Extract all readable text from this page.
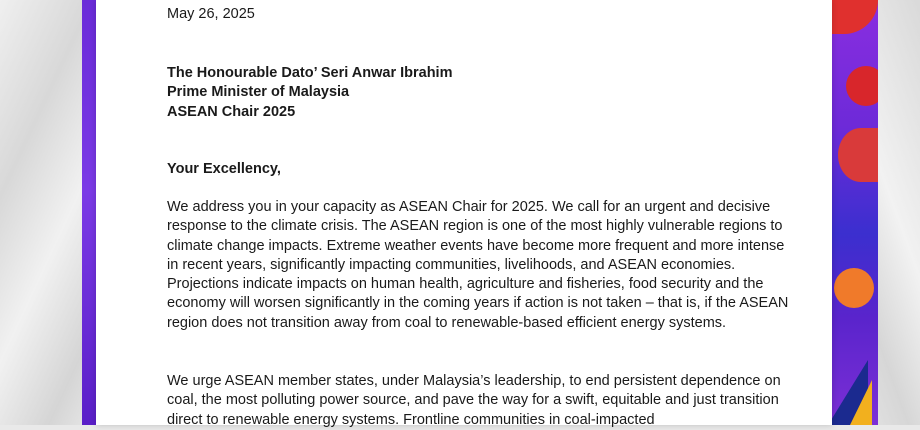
May 26, 2025
The Honourable Dato’ Seri Anwar Ibrahim
Prime Minister of Malaysia
ASEAN Chair 2025
Your Excellency,
We address you in your capacity as ASEAN Chair for 2025. We call for an urgent and decisive response to the climate crisis. The ASEAN region is one of the most highly vulnerable regions to climate change impacts. Extreme weather events have become more frequent and more intense in recent years, significantly impacting communities, livelihoods, and ASEAN economies. Projections indicate impacts on human health, agriculture and fisheries, food security and the economy will worsen significantly in the coming years if action is not taken – that is, if the ASEAN region does not transition away from coal to renewable-based efficient energy systems.
We urge ASEAN member states, under Malaysia’s leadership, to end persistent dependence on coal, the most polluting power source, and pave the way for a swift, equitable and just transition direct to renewable energy systems. Frontline communities in coal-impacted
